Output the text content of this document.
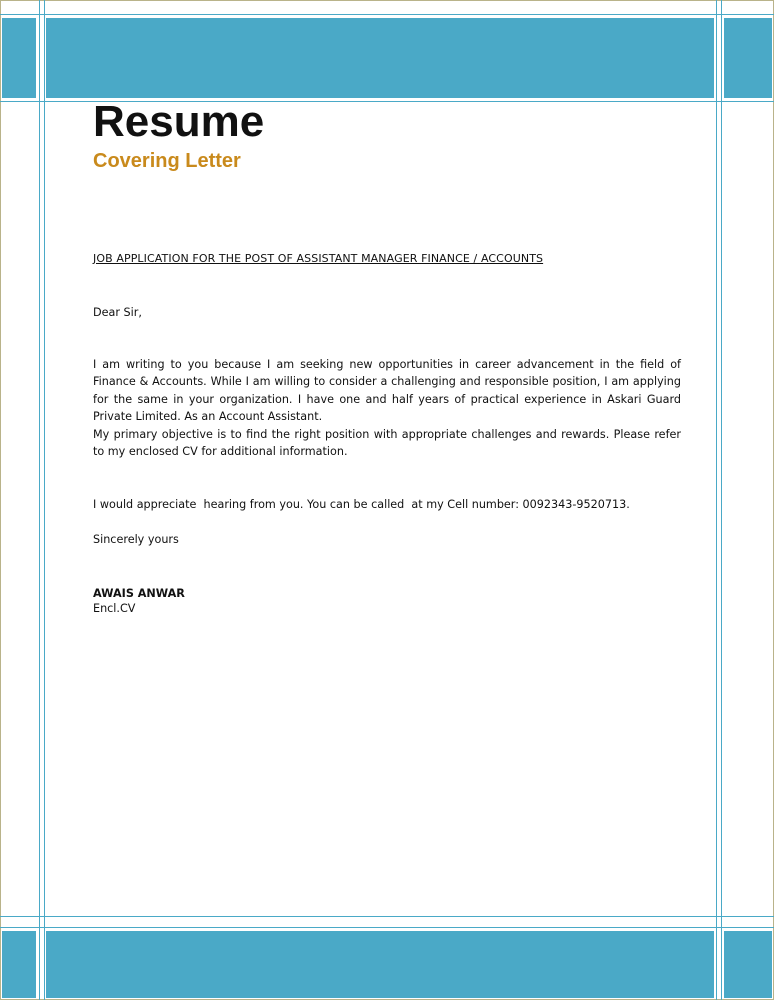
Resume
Covering Letter
JOB APPLICATION FOR THE POST OF ASSISTANT MANAGER FINANCE / ACCOUNTS

Dear Sir,

I am writing to you because I am seeking new opportunities in career advancement in the field of Finance & Accounts. While I am willing to consider a challenging and responsible position, I am applying for the same in your organization. I have one and half years of practical experience in Askari Guard Private Limited. As an Account Assistant.
My primary objective is to find the right position with appropriate challenges and rewards. Please refer to my enclosed CV for additional information.

I would appreciate  hearing from you. You can be called  at my Cell number: 0092343-9520713.

Sincerely yours

AWAIS ANWAR
Encl.CV
